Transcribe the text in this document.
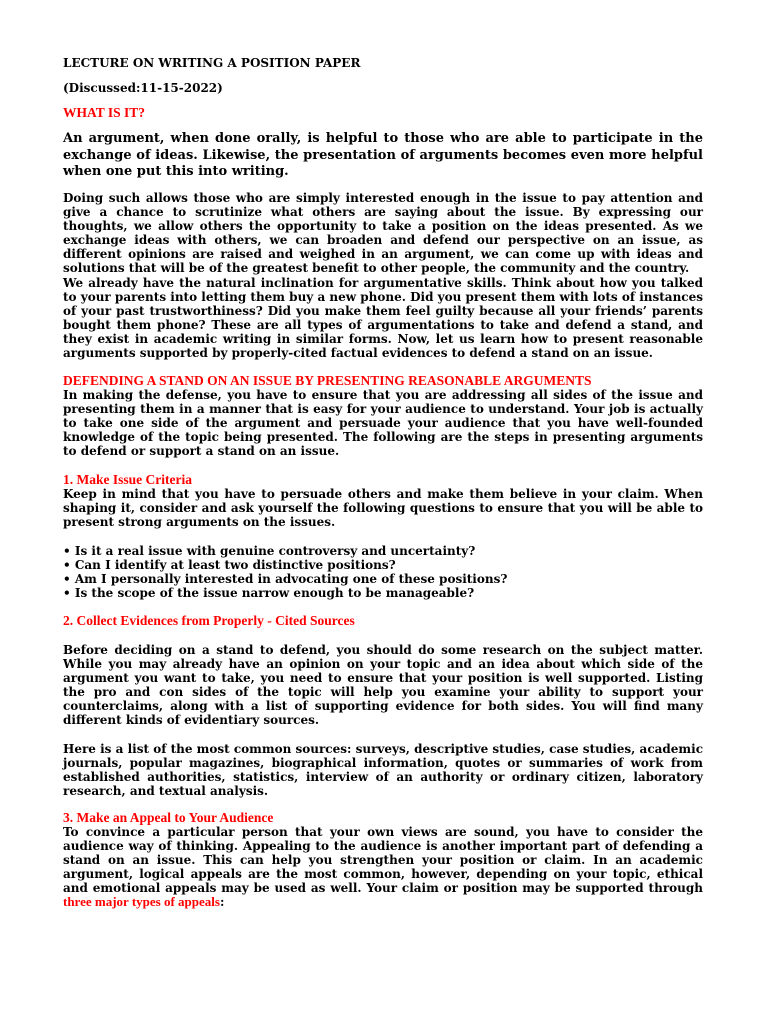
LECTURE ON WRITING A POSITION PAPER
(Discussed:11-15-2022)
WHAT IS IT?

An argument, when done orally, is helpful to those who are able to participate in the exchange of ideas. Likewise, the presentation of arguments becomes even more helpful when one put this into writing.

Doing such allows those who are simply interested enough in the issue to pay attention and give a chance to scrutinize what others are saying about the issue. By expressing our thoughts, we allow others the opportunity to take a position on the ideas presented. As we exchange ideas with others, we can broaden and defend our perspective on an issue, as different opinions are raised and weighed in an argument, we can come up with ideas and solutions that will be of the greatest benefit to other people, the community and the country.

We already have the natural inclination for argumentative skills. Think about how you talked to your parents into letting them buy a new phone. Did you present them with lots of instances of your past trustworthiness? Did you make them feel guilty because all your friends’ parents bought them phone? These are all types of argumentations to take and defend a stand, and they exist in academic writing in similar forms. Now, let us learn how to present reasonable arguments supported by properly-cited factual evidences to defend a stand on an issue.

DEFENDING A STAND ON AN ISSUE BY PRESENTING REASONABLE ARGUMENTS

In making the defense, you have to ensure that you are addressing all sides of the issue and presenting them in a manner that is easy for your audience to understand. Your job is actually to take one side of the argument and persuade your audience that you have well-founded knowledge of the topic being presented. The following are the steps in presenting arguments to defend or support a stand on an issue.

1. Make Issue Criteria

Keep in mind that you have to persuade others and make them believe in your claim. When shaping it, consider and ask yourself the following questions to ensure that you will be able to present strong arguments on the issues.

• Is it a real issue with genuine controversy and uncertainty?
• Can I identify at least two distinctive positions?
• Am I personally interested in advocating one of these positions?
• Is the scope of the issue narrow enough to be manageable?
2. Collect Evidences from Properly - Cited Sources

Before deciding on a stand to defend, you should do some research on the subject matter. While you may already have an opinion on your topic and an idea about which side of the argument you want to take, you need to ensure that your position is well supported. Listing the pro and con sides of the topic will help you examine your ability to support your counterclaims, along with a list of supporting evidence for both sides. You will find many different kinds of evidentiary sources.

Here is a list of the most common sources: surveys, descriptive studies, case studies, academic journals, popular magazines, biographical information, quotes or summaries of work from established authorities, statistics, interview of an authority or ordinary citizen, laboratory research, and textual analysis.

3. Make an Appeal to Your Audience

To convince a particular person that your own views are sound, you have to consider the audience way of thinking. Appealing to the audience is another important part of defending a stand on an issue. This can help you strengthen your position or claim. In an academic argument, logical appeals are the most common, however, depending on your topic, ethical and emotional appeals may be used as well. Your claim or position may be supported through three major types of appeals:
